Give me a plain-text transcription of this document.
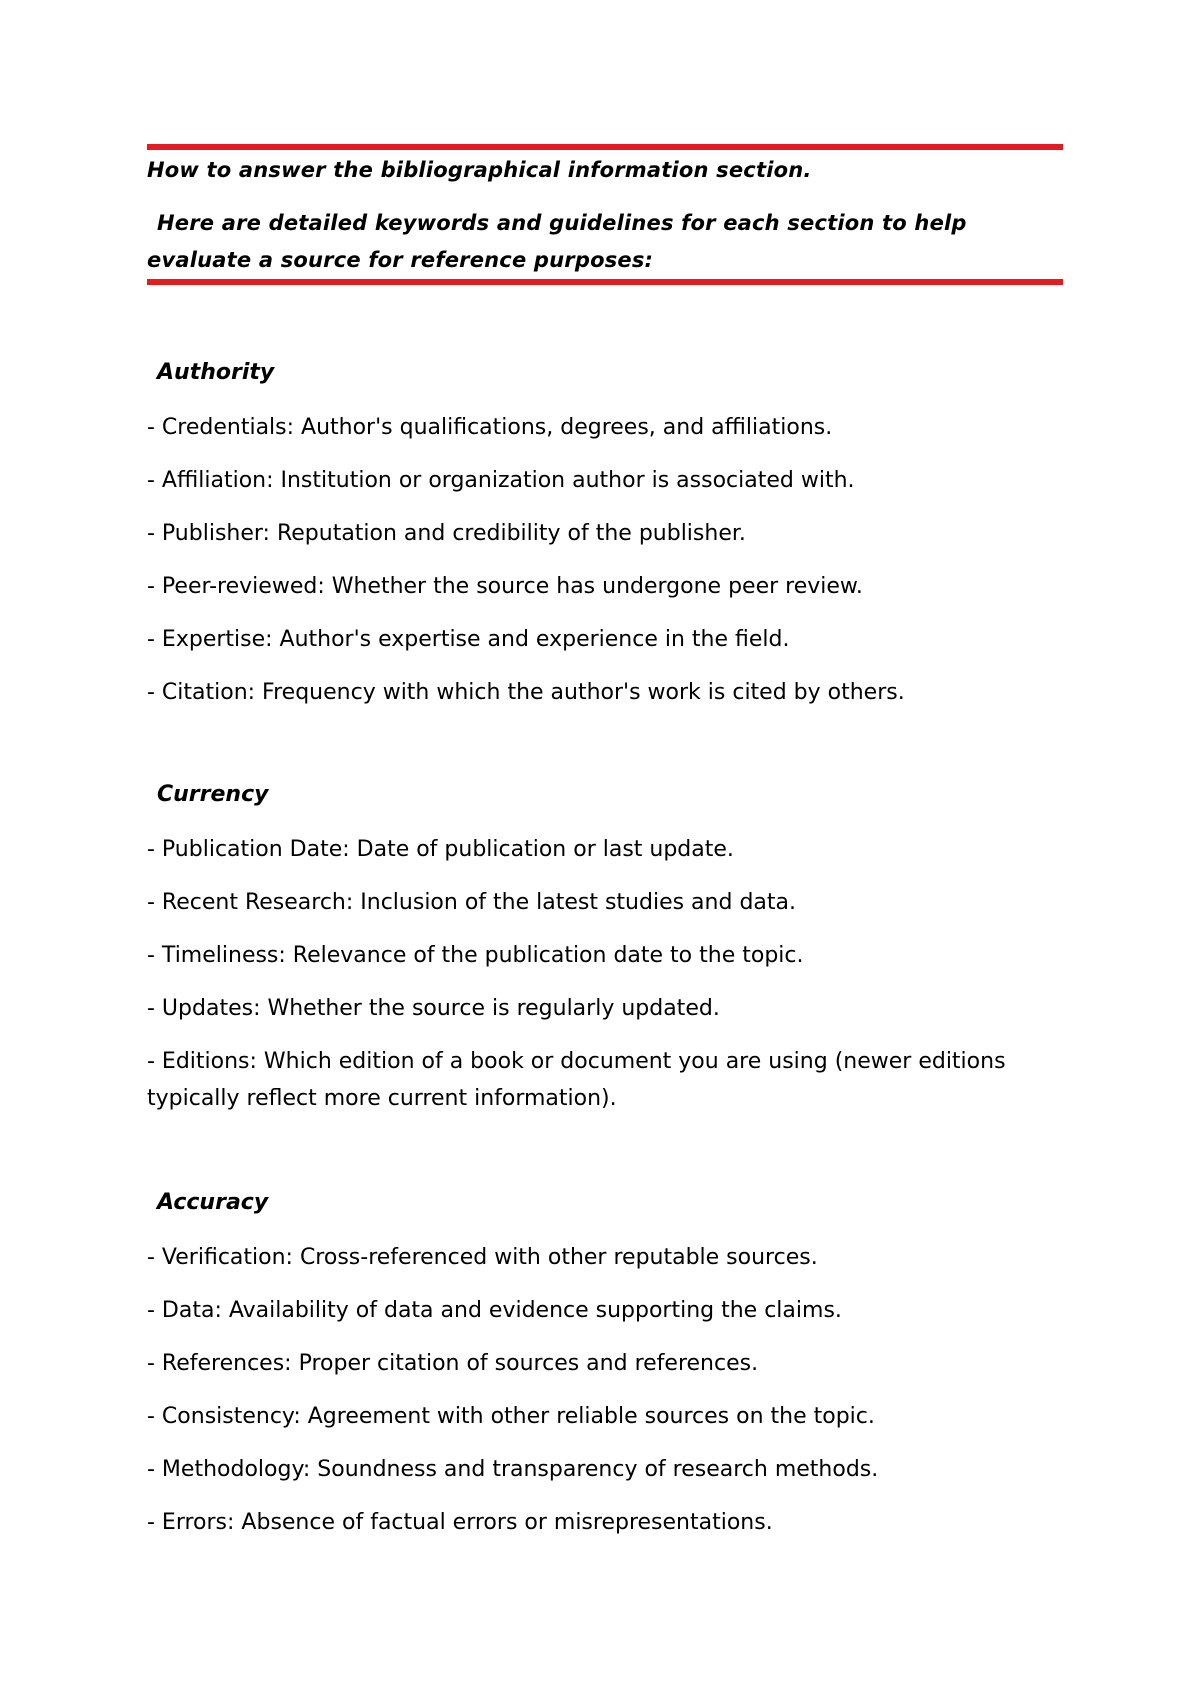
How to answer the bibliographical information section.
Here are detailed keywords and guidelines for each section to help
evaluate a source for reference purposes:
Authority
- Credentials: Author's qualifications, degrees, and affiliations.
- Affiliation: Institution or organization author is associated with.
- Publisher: Reputation and credibility of the publisher.
- Peer-reviewed: Whether the source has undergone peer review.
- Expertise: Author's expertise and experience in the field.
- Citation: Frequency with which the author's work is cited by others.
Currency
- Publication Date: Date of publication or last update.
- Recent Research: Inclusion of the latest studies and data.
- Timeliness: Relevance of the publication date to the topic.
- Updates: Whether the source is regularly updated.
- Editions: Which edition of a book or document you are using (newer editions typically reflect more current information).
Accuracy
- Verification: Cross-referenced with other reputable sources.
- Data: Availability of data and evidence supporting the claims.
- References: Proper citation of sources and references.
- Consistency: Agreement with other reliable sources on the topic.
- Methodology: Soundness and transparency of research methods.
- Errors: Absence of factual errors or misrepresentations.
